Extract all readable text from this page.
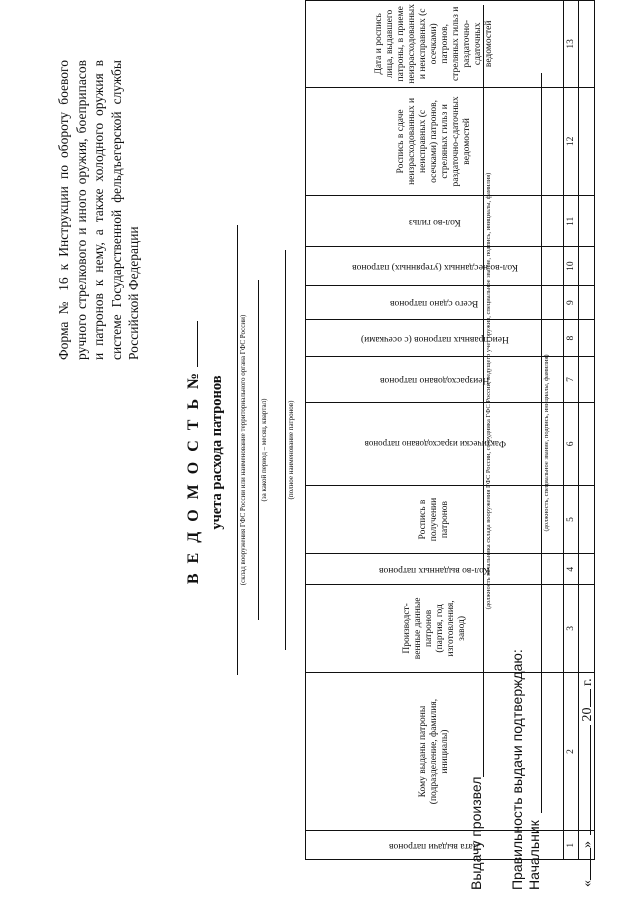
Форма № 16 к Инструкции по обороту боевого ручного стрелкового и иного оружия, боеприпасов и патронов к нему, а также холодного оружия в системе Государственной фельдъегерской службы Российской Федерации
В Е Д О М О С Т Ь № учета расхода патронов (склад вооружения ГФС России или наименование территориального органа ГФС России) (за какой период – месяц, квартал)	(полное наименование патронов)
Дата выдачи патронов	Кому выданы патроны (подразделение, фамилия, инициалы)	Производст-венные данные патронов (партия, год изготовления, завод)	Кол-во выданных патронов	Роспись в получении патронов	Фактически израсходовано патронов	Неизрасходовано патронов	Неисправных патронов (с осечками)	Всего сдано патронов	Кол-во несданных (утерянных) патронов	Кол-во гильз	Роспись в сдаче неизрасходованных и неисправных (с осечками) патронов, стреляных гильз и раздаточно-сдаточных ведомостей	Дата и роспись лица, выдавшего патроны, в приеме неизрасходованных и неисправных (с осечками) патронов, стреляных гильз и раздаточно-сдаточных ведомостей
1	2	3	4	5	6	7	8	9	10	11	12	13

Выдачу произвел
(должность начальника склада вооружения ГФС России, сотрудника ГФС России, ведущего учет оружия, специальное звание, подпись, инициалы, фамилия)
Правильность выдачи подтверждаю: Начальник
(должность, специальное звание, подпись, инициалы, фамилия)
«» 20 г.
